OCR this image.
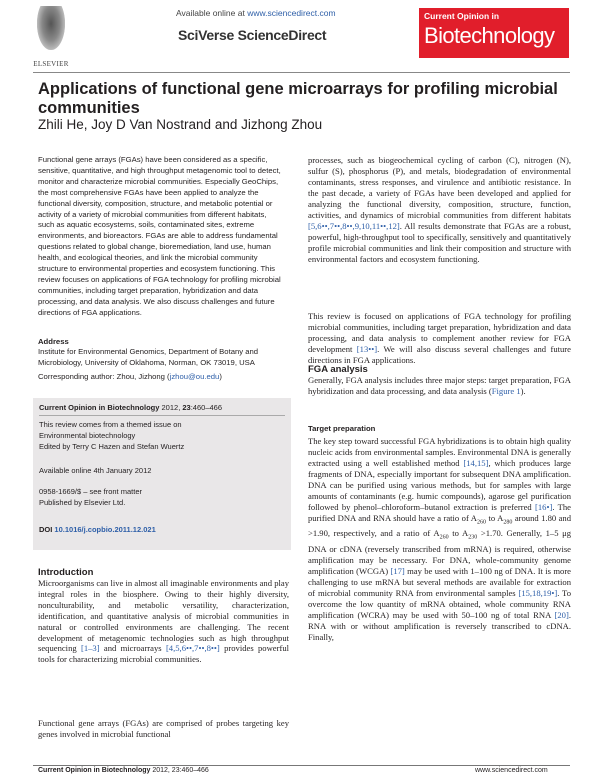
ELSEVIER
Available online at www.sciencedirect.com
SciVerse ScienceDirect
Current Opinion in
Biotechnology
Applications of functional gene microarrays for profiling microbial communities
Zhili He, Joy D Van Nostrand and Jizhong Zhou
Functional gene arrays (FGAs) have been considered as a specific, sensitive, quantitative, and high throughput metagenomic tool to detect, monitor and characterize microbial communities. Especially GeoChips, the most comprehensive FGAs have been applied to analyze the functional diversity, composition, structure, and metabolic potential or activity of a variety of microbial communities from different habitats, such as aquatic ecosystems, soils, contaminated sites, extreme environments, and bioreactors. FGAs are able to address fundamental questions related to global change, bioremediation, land use, human health, and ecological theories, and link the microbial community structure to environmental properties and ecosystem functioning. This review focuses on applications of FGA technology for profiling microbial communities, including target preparation, hybridization and data processing, and data analysis. We also discuss challenges and future directions of FGA applications.
Address
Institute for Environmental Genomics, Department of Botany and Microbiology, University of Oklahoma, Norman, OK 73019, USA
Corresponding author: Zhou, Jizhong (jzhou@ou.edu)
Current Opinion in Biotechnology 2012, 23:460–466
This review comes from a themed issue on
Environmental biotechnology
Edited by Terry C Hazen and Stefan Wuertz
Available online 4th January 2012
0958-1669/$ – see front matter
Published by Elsevier Ltd.
DOI 10.1016/j.copbio.2011.12.021
Introduction
Microorganisms can live in almost all imaginable environments and play integral roles in the biosphere. Owing to their highly diversity, nonculturability, and metabolic versatility, characterization, identification, and quantitative analysis of microbial communities in natural or controlled environments are challenging. The recent development of metagenomic technologies such as high throughput sequencing [1–3] and microarrays [4,5,6••,7••,8••] provides powerful tools for characterizing microbial communities.
Functional gene arrays (FGAs) are comprised of probes targeting key genes involved in microbial functional
processes, such as biogeochemical cycling of carbon (C), nitrogen (N), sulfur (S), phosphorus (P), and metals, biodegradation of environmental contaminants, stress responses, and virulence and antibiotic resistance. In the past decade, a variety of FGAs have been developed and applied for analyzing the functional diversity, composition, structure, function, activities, and dynamics of microbial communities from different habitats [5,6••,7••,8••,9,10,11••,12]. All results demonstrate that FGAs are a robust, powerful, high-throughput tool to specifically, sensitively and quantitatively profile microbial communities and link their composition and structure with environmental factors and ecosystem functioning.
This review is focused on applications of FGA technology for profiling microbial communities, including target preparation, hybridization and data processing, and data analysis to complement another review for FGA development [13••]. We will also discuss several challenges and future directions in FGA applications.
FGA analysis
Generally, FGA analysis includes three major steps: target preparation, FGA hybridization and data processing, and data analysis (Figure 1).
Target preparation
The key step toward successful FGA hybridizations is to obtain high quality nucleic acids from environmental samples. Environmental DNA is generally extracted using a well established method [14,15], which produces large fragments of DNA, especially important for subsequent DNA amplification. DNA can be purified using various methods, but for samples with large amounts of contaminants (e.g. humic compounds), agarose gel purification followed by phenol–chloroform–butanol extraction is preferred [16•]. The purified DNA and RNA should have a ratio of $A_{260}$ to $A_{280}$ around 1.80 and >1.90, respectively, and a ratio of $A_{260}$ to $A_{230} >1.70$. Generally, 1–5 μg DNA or cDNA (reversely transcribed from mRNA) is required, otherwise amplification may be necessary. For DNA, whole-community genome amplification (WCGA) [17] may be used with 1–100 ng of DNA. It is more challenging to use mRNA but several methods are available for extraction of microbial community RNA from environmental samples [15,18,19•]. To overcome the low quantity of mRNA obtained, whole community RNA amplification (WCRA) may be used with 50–100 ng of total RNA [20]. RNA with or without amplification is reversely transcribed to cDNA. Finally,
Current Opinion in Biotechnology 2012, 23:460–466	www.sciencedirect.com
